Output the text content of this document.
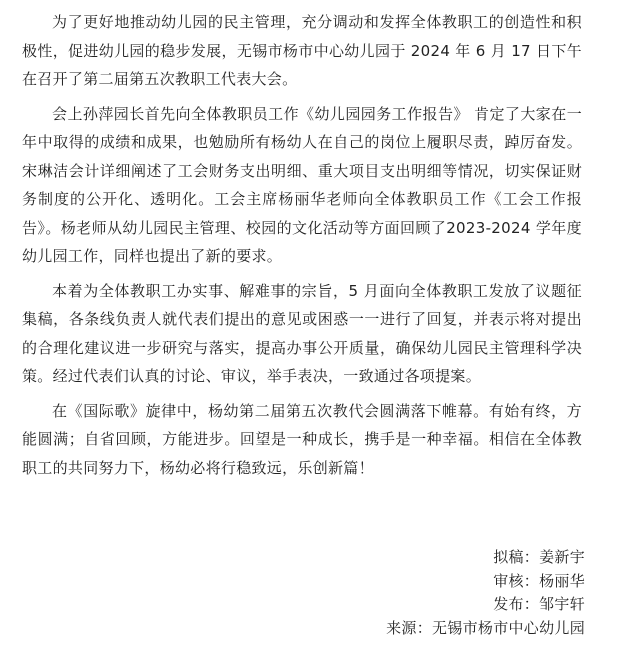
为了更好地推动幼儿园的民主管理，充分调动和发挥全体教职工的创造性和积极性，促进幼儿园的稳步发展，无锡市杨市中心幼儿园于 2024 年 6 月 17 日下午在召开了第二届第五次教职工代表大会。

会上孙萍园长首先向全体教职员工作《幼儿园园务工作报告》 肯定了大家在一年中取得的成绩和成果，也勉励所有杨幼人在自己的岗位上履职尽责，踔厉奋发。宋琳洁会计详细阐述了工会财务支出明细、重大项目支出明细等情况，切实保证财务制度的公开化、透明化。工会主席杨丽华老师向全体教职员工作《工会工作报告》。杨老师从幼儿园民主管理、校园的文化活动等方面回顾了2023-2024 学年度幼儿园工作，同样也提出了新的要求。

本着为全体教职工办实事、解难事的宗旨，5 月面向全体教职工发放了议题征集稿，各条线负责人就代表们提出的意见或困惑一一进行了回复，并表示将对提出的合理化建议进一步研究与落实，提高办事公开质量，确保幼儿园民主管理科学决策。经过代表们认真的讨论、审议，举手表决，一致通过各项提案。

在《国际歌》旋律中，杨幼第二届第五次教代会圆满落下帷幕。有始有终，方能圆满；自省回顾，方能进步。回望是一种成长，携手是一种幸福。相信在全体教职工的共同努力下，杨幼必将行稳致远，乐创新篇！

拟稿：姜新宇
审核：杨丽华
发布：邹宇轩
来源：无锡市杨市中心幼儿园
